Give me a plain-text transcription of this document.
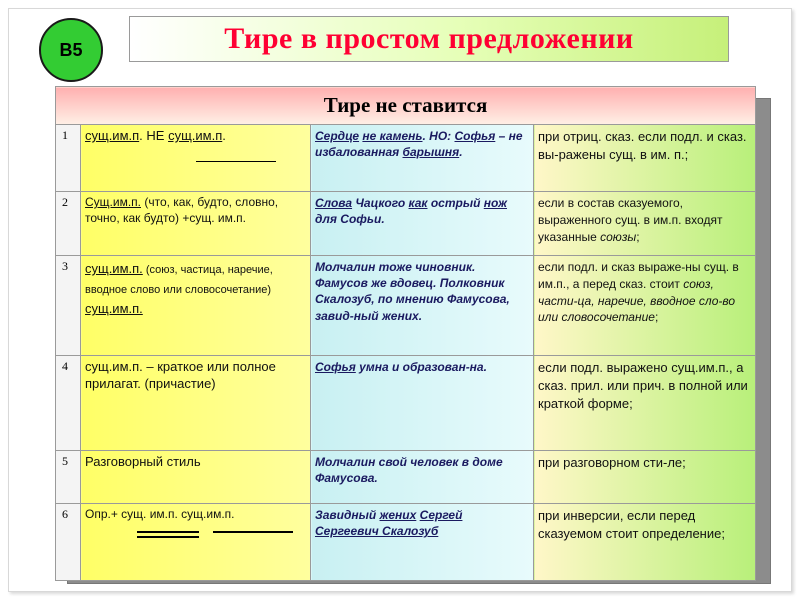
В5	Тире в простом предложении
Тире не ставится			
1	сущ.им.п. НЕ сущ.им.п.	Сердце не камень. НО: Софья – не избалованная барышня.	при отриц. сказ. если подл. и сказ. вы-ражены сущ. в им. п.;
2	Сущ.им.п. (что, как, будто, словно, точно, как будто) +сущ. им.п.	Слова Чацкого как острый нож для Софьи.	если в состав сказуемого, выраженного сущ. в им.п. входят указанные союзы;
3	сущ.им.п. (союз, частица, наречие, вводное слово или словосочетание) сущ.им.п.	Молчалин тоже чиновник. Фамусов же вдовец. Полковник Скалозуб, по мнению Фамусова, завид-ный жених.	если подл. и сказ выраже-ны сущ. в им.п., а перед сказ. стоит союз, части-ца, наречие, вводное сло-во или словосочетание;
4	сущ.им.п. – краткое или полное прилагат. (причастие)	Софья умна и образован-на.	если подл. выражено сущ.им.п., а сказ. прил. или прич. в полной или краткой форме;
5	Разговорный стиль	Молчалин свой человек в доме Фамусова.	при разговорном сти-ле;
6	Опр.+ сущ. им.п. сущ.им.п.	Завидный жених Сергей Сергеевич Скалозуб	при инверсии, если перед сказуемом стоит определение;
